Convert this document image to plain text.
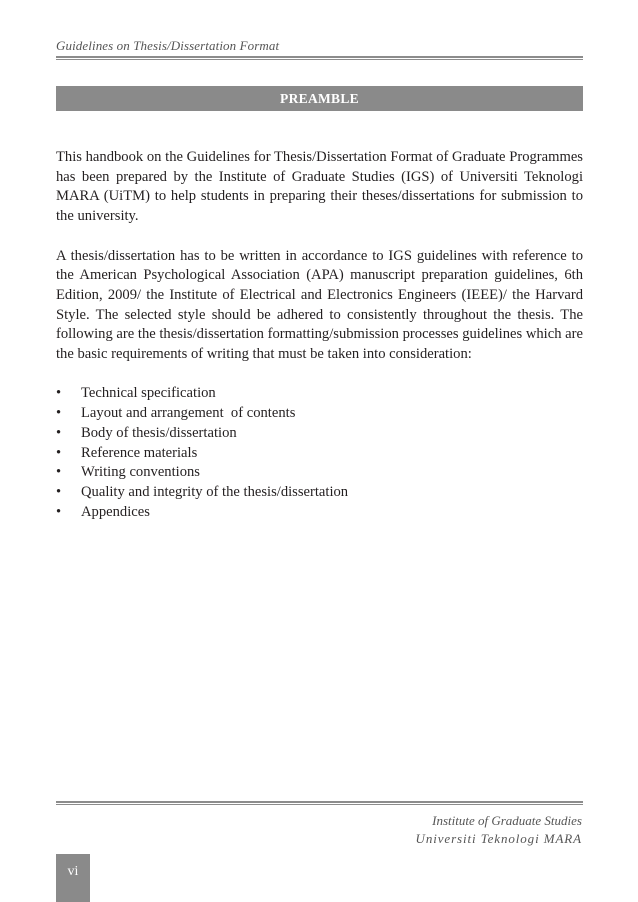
Guidelines on Thesis/Dissertation Format
PREAMBLE

This handbook on the Guidelines for Thesis/Dissertation Format of Graduate Programmes has been prepared by the Institute of Graduate Studies (IGS) of Universiti Teknologi MARA (UiTM) to help students in preparing their theses/dissertations for submission to the university.

A thesis/dissertation has to be written in accordance to IGS guidelines with reference to the American Psychological Association (APA) manuscript preparation guidelines, 6th Edition, 2009/ the Institute of Electrical and Electronics Engineers (IEEE)/ the Harvard Style. The selected style should be adhered to consistently throughout the thesis. The following are the thesis/dissertation formatting/submission processes guidelines which are the basic requirements of writing that must be taken into consideration:

• Technical specification
• Layout and arrangement  of contents
• Body of thesis/dissertation
• Reference materials
• Writing conventions
• Quality and integrity of the thesis/dissertation
• Appendices
Institute of Graduate Studies
Universiti Teknologi MARA
vi
